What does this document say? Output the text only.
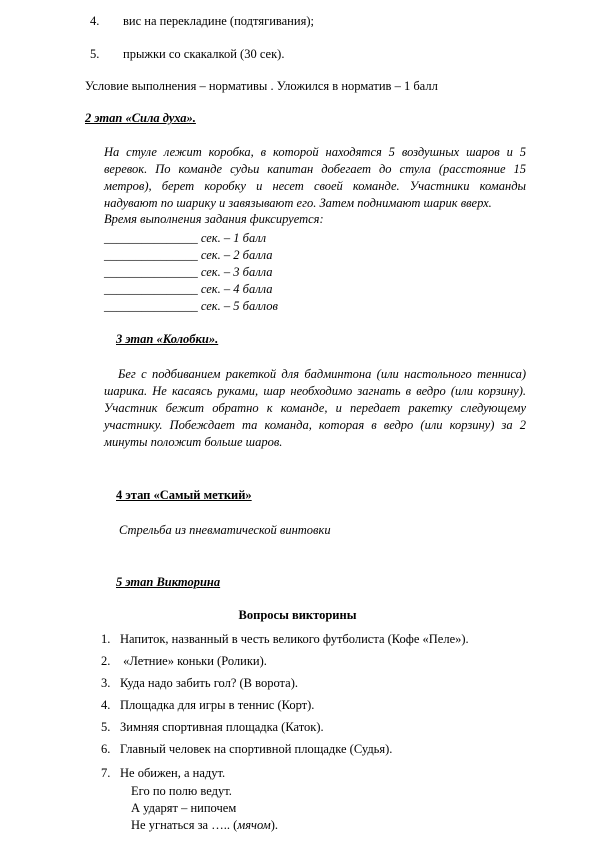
4. вис на перекладине (подтягивания);
5. прыжки со скакалкой (30 сек).
Условие выполнения – нормативы . Уложился в норматив – 1 балл
2 этап «Сила духа».
На стуле лежит коробка, в которой находятся 5 воздушных шаров и 5 веревок. По команде судьи капитан добегает до стула (расстояние 15 метров), берет коробку и несет своей команде. Участники команды надувают по шарику и завязывают его. Затем поднимают шарик вверх.
Время выполнения задания фиксируется:
_______________ сек. – 1 балл
_______________ сек. – 2 балла
_______________ сек. – 3 балла
_______________ сек. – 4 балла
_______________ сек. – 5 баллов
3 этап «Колобки».
Бег с подбиванием ракеткой для бадминтона (или настольного тенниса) шарика. Не касаясь руками, шар необходимо загнать в ведро (или корзину). Участник бежит обратно к команде, и передает ракетку следующему участнику. Побеждает та команда, которая в ведро (или корзину) за 2 минуты положит больше шаров.
4 этап «Самый меткий»
Стрельба из пневматической винтовки
5 этап Викторина
Вопросы викторины
1. Напиток, названный в честь великого футболиста (Кофе «Пеле»).
2. «Летние» коньки (Ролики).
3. Куда надо забить гол? (В ворота).
4. Площадка для игры в теннис (Корт).
5. Зимняя спортивная площадка (Каток).
6. Главный человек на спортивной площадке (Судья).
7. Не обижен, а надут.
Его по полю ведут.
А ударят – нипочем
Не угнаться за ….. (мячом).
